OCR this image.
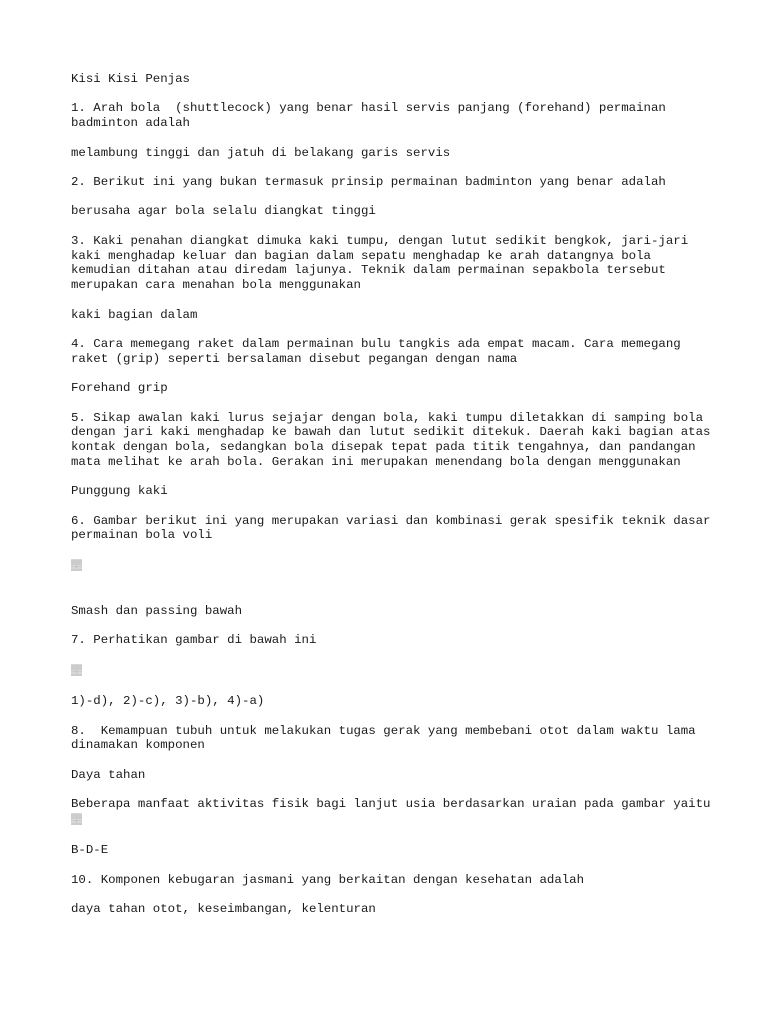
Kisi Kisi Penjas

1. Arah bola  (shuttlecock) yang benar hasil servis panjang (forehand) permainan badminton adalah

melambung tinggi dan jatuh di belakang garis servis

2. Berikut ini yang bukan termasuk prinsip permainan badminton yang benar adalah

berusaha agar bola selalu diangkat tinggi

3. Kaki penahan diangkat dimuka kaki tumpu, dengan lutut sedikit bengkok, jari-jari kaki menghadap keluar dan bagian dalam sepatu menghadap ke arah datangnya bola kemudian ditahan atau diredam lajunya. Teknik dalam permainan sepakbola tersebut merupakan cara menahan bola menggunakan

kaki bagian dalam

4. Cara memegang raket dalam permainan bulu tangkis ada empat macam. Cara memegang raket (grip) seperti bersalaman disebut pegangan dengan nama

Forehand grip

5. Sikap awalan kaki lurus sejajar dengan bola, kaki tumpu diletakkan di samping bola dengan jari kaki menghadap ke bawah dan lutut sedikit ditekuk. Daerah kaki bagian atas kontak dengan bola, sedangkan bola disepak tepat pada titik tengahnya, dan pandangan mata melihat ke arah bola. Gerakan ini merupakan menendang bola dengan menggunakan

Punggung kaki

6. Gambar berikut ini yang merupakan variasi dan kombinasi gerak spesifik teknik dasar permainan bola voli

▒▒

Smash dan passing bawah

7. Perhatikan gambar di bawah ini

▒▒

1)-d), 2)-c), 3)-b), 4)-a)

8.  Kemampuan tubuh untuk melakukan tugas gerak yang membebani otot dalam waktu lama dinamakan komponen

Daya tahan

Beberapa manfaat aktivitas fisik bagi lanjut usia berdasarkan uraian pada gambar yaitu

▒▒

B-D-E

10. Komponen kebugaran jasmani yang berkaitan dengan kesehatan adalah

daya tahan otot, keseimbangan, kelenturan
